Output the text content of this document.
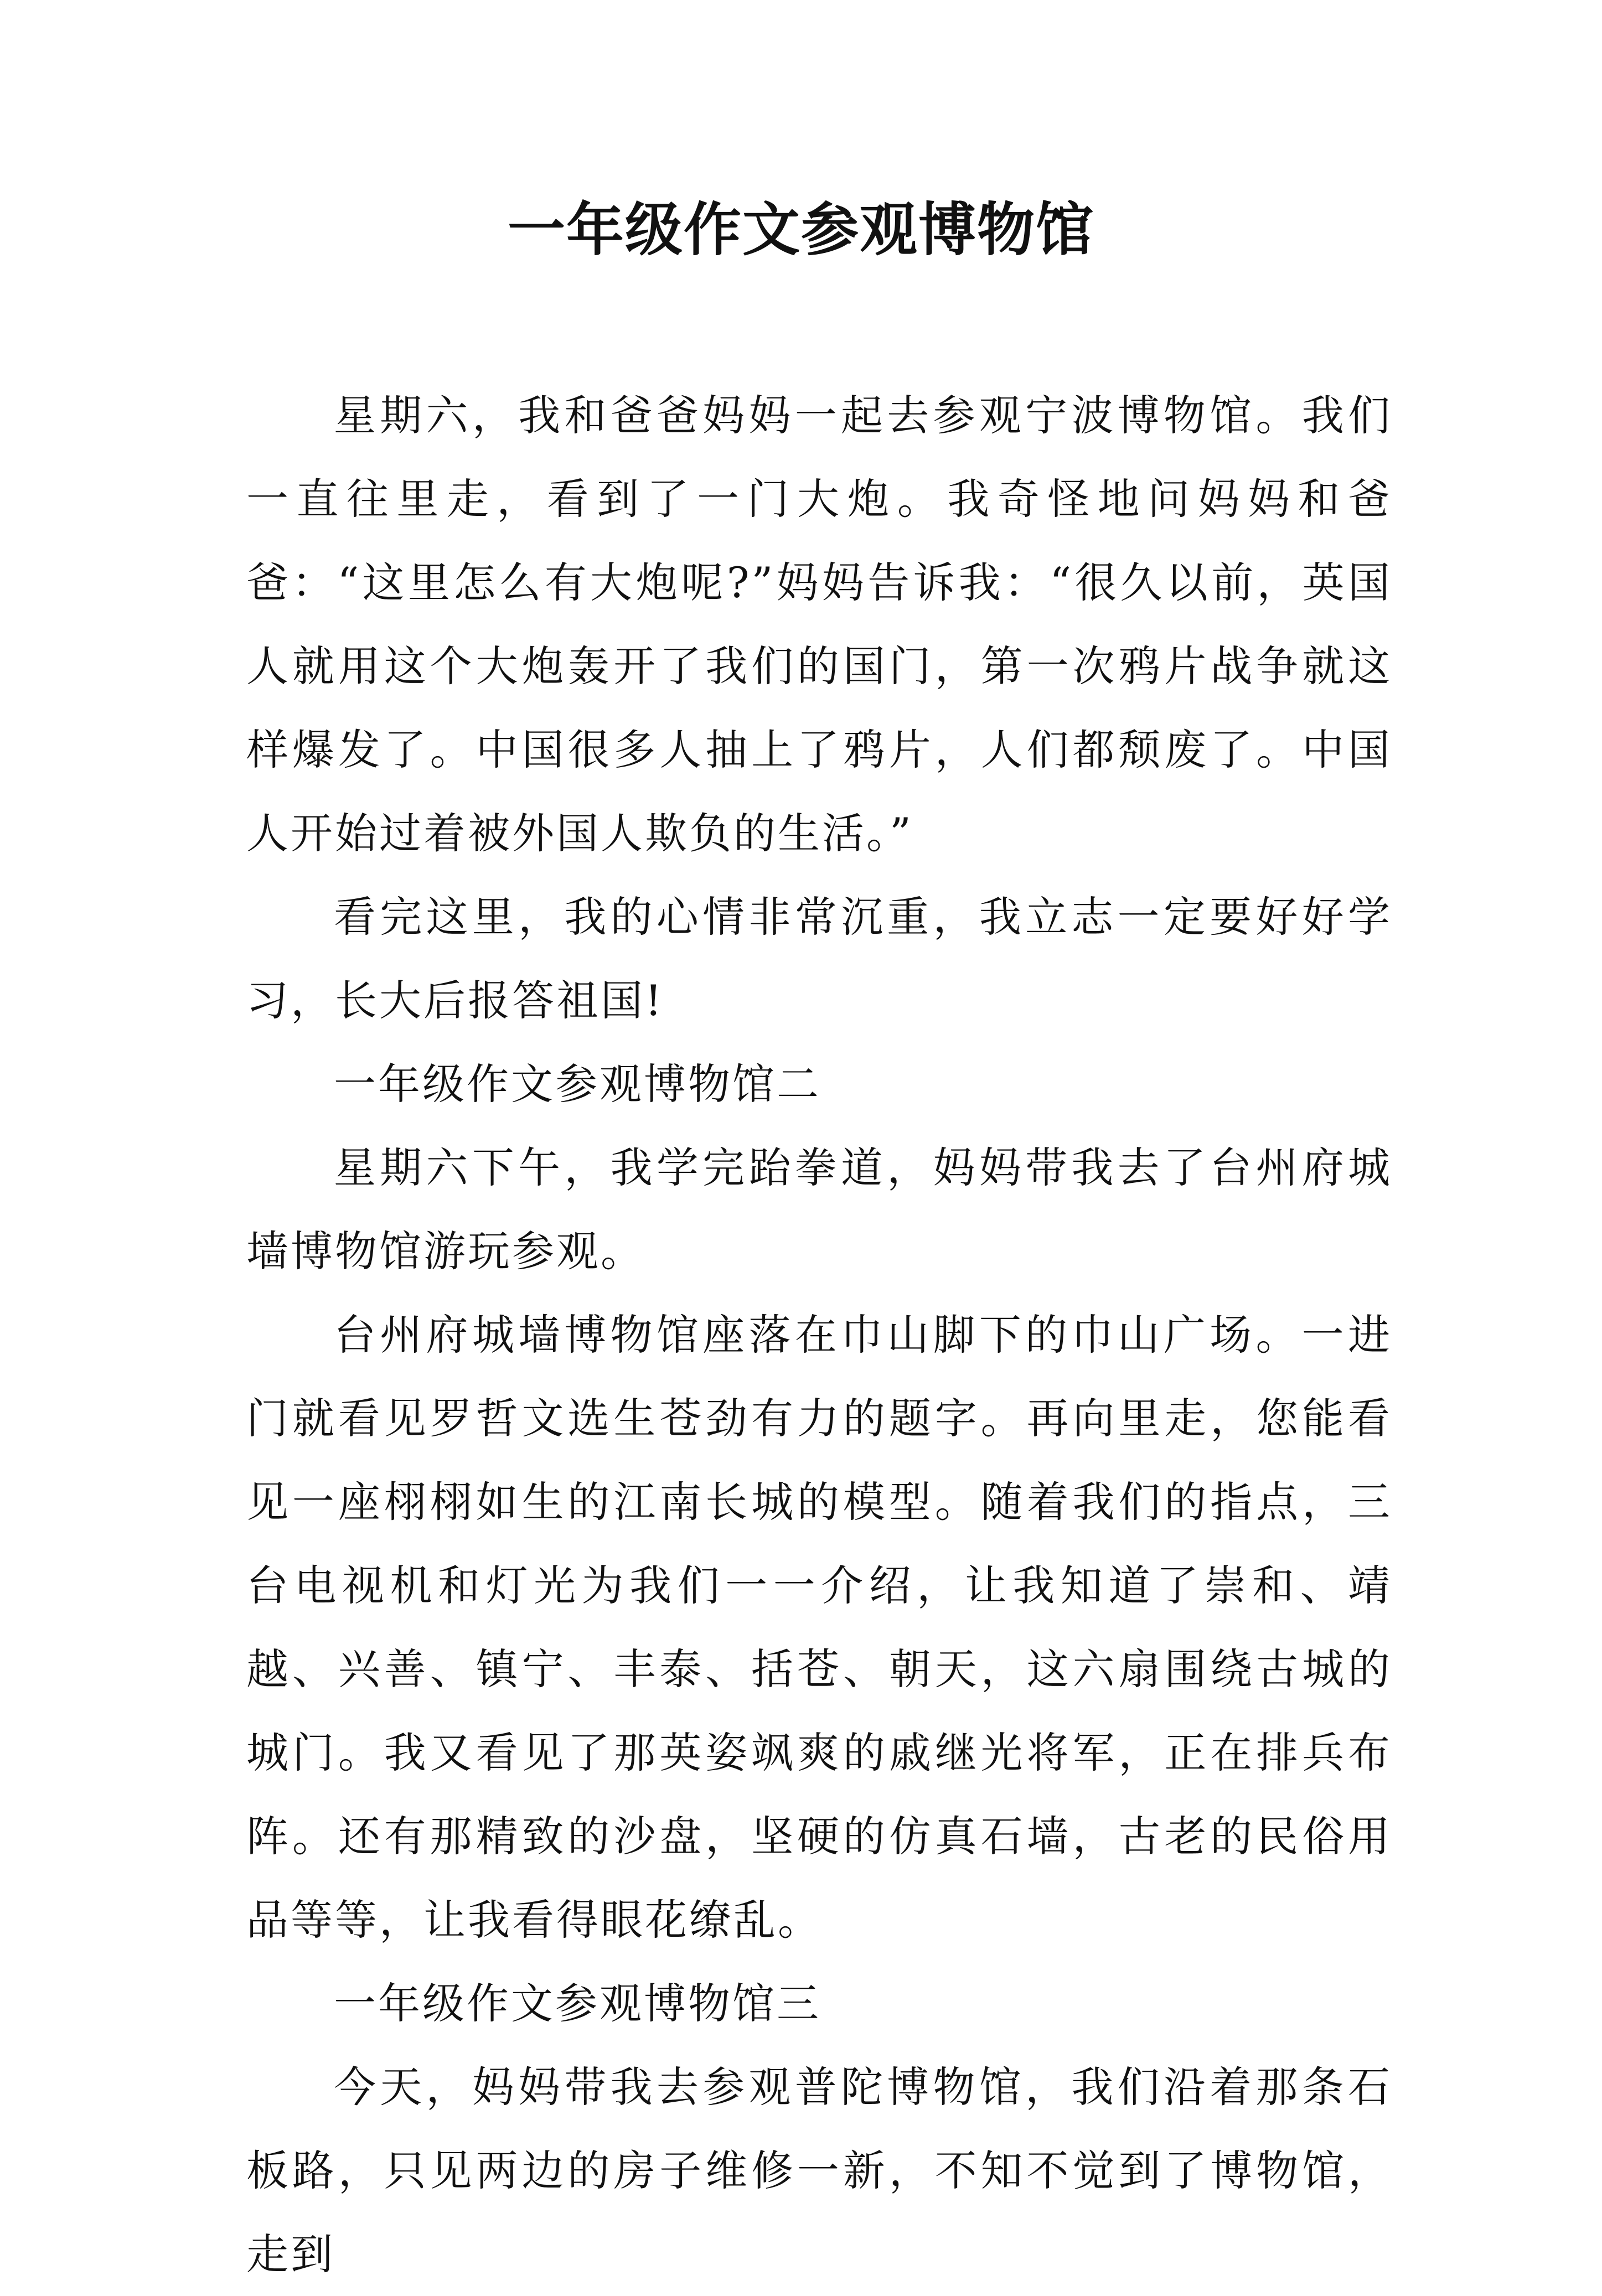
一年级作文参观博物馆

星期六，我和爸爸妈妈一起去参观宁波博物馆。我们一直往里走，看到了一门大炮。我奇怪地问妈妈和爸爸：“这里怎么有大炮呢?”妈妈告诉我：“很久以前，英国人就用这个大炮轰开了我们的国门，第一次鸦片战争就这样爆发了。中国很多人抽上了鸦片，人们都颓废了。中国人开始过着被外国人欺负的生活。”

看完这里，我的心情非常沉重，我立志一定要好好学习，长大后报答祖国!

一年级作文参观博物馆二

星期六下午，我学完跆拳道，妈妈带我去了台州府城墙博物馆游玩参观。

台州府城墙博物馆座落在巾山脚下的巾山广场。一进门就看见罗哲文选生苍劲有力的题字。再向里走，您能看见一座栩栩如生的江南长城的模型。随着我们的指点，三台电视机和灯光为我们一一介绍，让我知道了崇和、靖越、兴善、镇宁、丰泰、括苍、朝天，这六扇围绕古城的城门。我又看见了那英姿飒爽的戚继光将军，正在排兵布阵。还有那精致的沙盘，坚硬的仿真石墙，古老的民俗用品等等，让我看得眼花缭乱。

一年级作文参观博物馆三

今天，妈妈带我去参观普陀博物馆，我们沿着那条石板路，只见两边的房子维修一新，不知不觉到了博物馆，走到
